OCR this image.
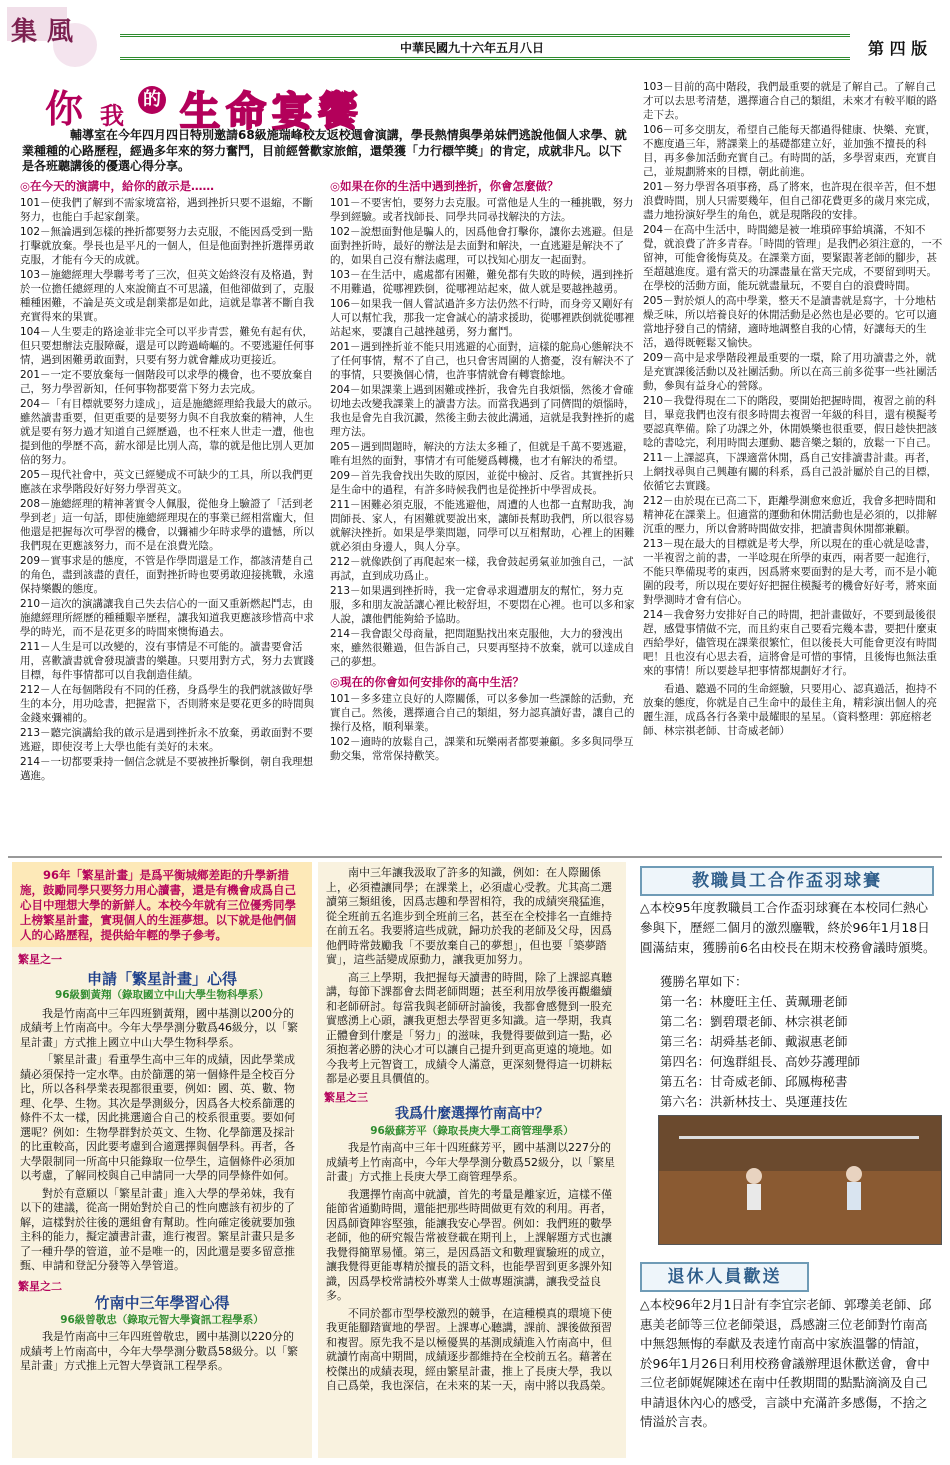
集風
中華民國九十六年五月八日	第 四 版
你 我
的 生命宴饗
輔導室在今年四月四日特別邀請68級施瑞峰校友返校週會演講，學長熱情與學弟妹們逃說他個人求學、就業種種的心路歷程，經過多年來的努力奮鬥，目前經營歡家旅館，還榮獲「力行標竿獎」的肯定，成就非凡。以下是各班聽講後的優選心得分享。
◎在今天的演講中，給你的啟示是……
101－使我們了解到不需家境富裕，遇到挫折只要不退縮，不斷努力，也能白手起家創業。
102－無論遇到怎樣的挫折都要努力去克服，不能因爲受到一點打擊就放棄。學長也是平凡的一個人，但是他面對挫折選擇勇敢克服，才能有今天的成就。
103－施總經理大學聯考考了三次，但英文始終沒有及格過，對於一位擔任總經理的人來說簡直不可思議，但他卻做到了，克服種種困難，不論是英文或是創業都是如此，這就是靠著不斷自我充實得來的果實。
104－人生要走的路途並非完全可以平步青雲，難免有起有伏，但只要想辦法克服障礙，還是可以跨過崎嶇的。不要逃避任何事情，遇到困難勇敢面對，只要有努力就會離成功更接近。
201－一定不要放棄每一個階段可以求學的機會，也不要放棄自己，努力學習新知，任何事物都要當下努力去完成。
204－「有目標就要努力達成」，這是施總經理給我最大的啟示。雖然讀書重要，但更重要的是要努力與不自我放棄的精神，人生就是要有努力過才知道自己經歷過，也不枉來人世走一遭，他也提到他的學歷不高，薪水卻是比別人高，靠的就是他比別人更加倍的努力。
205－現代社會中，英文已經變成不可缺少的工具，所以我們更應該在求學階段好好努力學習英文。
208－施總經理的精神著實令人佩服，從他身上驗證了「活到老學到老」這一句話，即使施總經理現在的事業已經相當龐大，但他還是把握每次可學習的機會，以彌補少年時求學的遺憾，所以我們現在更應該努力，而不是在浪費光陰。
209－實事求是的態度，不管是作學問還是工作，都該清楚自己的角色，盡到該盡的責任，面對挫折時也要勇敢迎接挑戰，永遠保持樂觀的態度。
210－這次的演講讓我自己失去信心的一面又重新燃起鬥志，由施總經理所經歷的種種艱辛歷程，讓我知道我更應該珍惜高中求學的時光，而不是花更多的時間來懊悔過去。
211－人生是可以改變的，沒有事情是不可能的。讀書要會活用，喜歡讀書就會發現讀書的樂趣。只要用對方式，努力去實踐目標，每件事情都可以自我創造佳績。
212－人在每個階段有不同的任務，身爲學生的我們就該做好學生的本分，用功唸書，把握當下，否則將來是要花更多的時間與金錢來彌補的。
213－聽完演講給我的啟示是遇到挫折永不放棄，勇敢面對不要逃避，即使沒考上大學也能有美好的未來。
214－一切都要秉持一個信念就是不要被挫折擊倒，朝自我理想邁進。
◎如果在你的生活中遇到挫折，你會怎麼做？
101－不要害怕，要努力去克服。可當他是人生的一種挑戰，努力學到經驗。或者找師長、同學共同尋找解決的方法。
102－說想面對他是騙人的，因爲他會打擊你，讓你去逃避。但是面對挫折時，最好的辦法是去面對和解決，一直逃避是解決不了的，如果自己沒有辦法處理，可以找知心朋友一起面對。
103－在生活中，處處都有困難，難免都有失敗的時候，遇到挫折不用難過，從哪裡跌倒，從哪裡站起來，做人就是要越挫越勇。
106－如果我一個人嘗試過許多方法仍然不行時，而身旁又剛好有人可以幫忙我，那我一定會誠心的請求援助，從哪裡跌倒就從哪裡站起來，要讓自己越挫越勇，努力奮鬥。
201－遇到挫折並不能只用逃避的心面對，這樣的鴕鳥心態解決不了任何事情，幫不了自己，也只會害周圍的人擔憂，沒有解決不了的事情，只要換個心情，也許事情就會有轉寰餘地。
204－如果課業上遇到困難或挫折，我會先自我煩惱，然後才會確切地去改變我課業上的讀書方法。而當我遇到了同儕間的煩惱時，我也是會先自我沉澱，然後主動去彼此溝通，這就是我對挫折的處理方法。
205－遇到問題時，解決的方法太多種了，但就是千萬不要逃避，唯有坦然的面對，事情才有可能變爲轉機，也才有解決的希望。
209－首先我會找出失敗的原因，並從中檢討、反省。其實挫折只是生命中的過程，有許多時候我們也是從挫折中學習成長。
211－困難必須克服，不能逃避他，周遭的人也都一直幫助我，詢問師長、家人，有困難就要說出來，讓師長幫助我們，所以很容易就解決挫折。如果是學業問題，同學可以互相幫助，心裡上的困難就必須由身邊人，與人分享。
212－就像跌倒了再爬起來一樣，我會鼓起勇氣並加強自己，一試再試，直到成功爲止。
213－如果遇到挫折時，我一定會尋求週遭朋友的幫忙，努力克服，多和朋友說話讓心裡比較舒坦，不要悶在心裡。也可以多和家人說，讓他們能夠給予協助。
214－我會跟父母商量，把問題點找出來克服他，大力的發洩出來，雖然很難過，但告訴自己，只要再堅持不放棄，就可以達成自己的夢想。
◎現在的你會如何安排你的高中生活？
101－多多建立良好的人際關係，可以多參加一些課餘的活動，充實自己。然後，選擇適合自己的類組，努力認真讀好書，讓自己的操行及格，順利畢業。
102－適時的放鬆自己，課業和玩樂兩者都要兼顧。多多與同學互動交集，常常保持歡笑。
103－目前的高中階段，我們最重要的就是了解自己。了解自己才可以去思考清楚，選擇適合自己的類組，未來才有較平順的路走下去。
106－可多交朋友，希望自己能每天都過得健康、快樂、充實，不應度過三年，將課業上的基礎都建立好，並加強不擅長的科目，再多參加活動充實自己。有時間的話，多學習東西，充實自己，並規劃將來的目標，朝此前進。
201－努力學習各項事務，爲了將來，也許現在很辛苦，但不想浪費時間，別人只需要幾年，但自己卻花費更多的歲月來完成，盡力地扮演好學生的角色，就是現階段的安排。
204－在高中生活中，時間總是被一堆瑣碎事給填滿，不知不覺，就浪費了許多青春。「時間的管理」是我們必須注意的，一不留神，可能會後悔莫及。在課業方面，要緊跟著老師的腳步，甚至超越進度。還有當天的功課盡量在當天完成，不要留到明天。在學校的活動方面，能玩就盡量玩，不要自白的浪費時間。
205－對於煩人的高中學業，整天不是讀書就是寫字，十分地枯燥乏味，所以培養良好的休閒活動是必然也是必要的。它可以適當地抒發自己的情緒，適時地調整自我的心情，好讓每天的生活，過得既輕鬆又愉快。
209－高中是求學階段裡最重要的一環，除了用功讀書之外，就是充實課後活動以及社團活動。所以在高三前多從事一些社團活動，參與有益身心的營隊。
210－我覺得現在二下的階段，要開始把握時間，複習之前的科目，畢竟我們也沒有很多時間去複習一年級的科目，還有模擬考要認真準備。除了功課之外，休閒娛樂也很重要，假日趁快把該唸的書唸完，利用時間去運動、聽音樂之類的，放鬆一下自己。
211－上課認真，下課適當休閒，爲自己安排讀書計畫。再者，上網找尋與自己興趣有關的科系，爲自己設計屬於自己的目標，依循它去實踐。
212－由於現在已高二下，距離學測愈來愈近，我會多把時間和精神花在課業上。但適當的運動和休閒活動也是必須的，以排解沉重的壓力，所以會將時間做安排，把讀書與休閒都兼顧。
213－現在最大的目標就是考大學，所以現在的重心就是唸書，一半複習之前的書，一半唸現在所學的東西，兩者要一起進行，不能只準備現考的東西，因爲將來要面對的是大考，而不是小範圍的段考，所以現在要好好把握住模擬考的機會好好考，將來面對學測時才會有信心。
214－我會努力安排好自己的時間，把計畫做好，不要到最後很趕，感覺事情做不完，而且約束自己要看完幾本書，要把什麼東西給學好，儘管現在課業很繁忙，但以後長大可能會更沒有時間吧！且也沒有心思去看，這將會是可惜的事情，且後悔也無法重來的事情！所以要趁早把事情都規劃好才行。
看過、聽過不同的生命經驗，只要用心、認真過活，抱持不放棄的態度，你就是自己生命中的最佳主角，精彩演出個人的亮麗生涯，成爲各行各業中最耀眼的星星。（資料整理：郭庭榕老師、林宗祺老師、甘奇威老師）
96年「繁星計畫」是爲平衡城鄉差距的升學新措施，鼓勵同學只要努力用心讀書，還是有機會成爲自己心目中理想大學的新鮮人。本校今年就有三位優秀同學上榜繁星計畫，實現個人的生涯夢想。以下就是他們個人的心路歷程，提供給年輕的學子參考。
繁星之一
申請「繁星計畫」心得
96級劉黃翔（錄取國立中山大學生物科學系）
我是竹南高中三年四班劉黃翔，國中基測以200分的成績考上竹南高中。今年大學學測分數爲46級分，以「繁星計畫」方式推上國立中山大學生物科學系。
「繁星計畫」看重學生高中三年的成績，因此學業成績必須保持一定水準。由於篩選的第一個條件是全校百分比，所以各科學業表現都很重要，例如：國、英、數、物理、化學、生物。其次是學測級分，因爲各大校系篩選的條件不太一樣，因此挑選適合自己的校系很重要。要如何選呢？例如：生物學群對於英文、生物、化學篩選及採計的比重較高，因此要考慮到合適選擇與個學科。再者，各大學限制同一所高中只能錄取一位學生，這個條件必須加以考慮，了解同校與自己申請同一大學的同學條件如何。
對於有意願以「繁星計畫」進入大學的學弟妹，我有以下的建議，從高一開始對於自己的性向應該有初步的了解，這樣對於往後的選組會有幫助。性向確定後就要加強主科的能力，擬定讀書計畫，進行複習。繁星計畫只是多了一種升學的管道，並不是唯一的，因此還是要多留意推甄、申請和登記分發等入學管道。
繁星之二
竹南中三年學習心得
96級曾敬忠（錄取元智大學資訊工程學系）
我是竹南高中三年四班曾敬忠，國中基測以220分的成績考上竹南高中，今年大學學測分數爲58級分。以「繁星計畫」方式推上元智大學資訊工程學系。
南中三年讓我汲取了許多的知識，例如：在人際關係上，必須禮讓同學；在課業上，必須虛心受教。尤其高二選讀第三類組後，因爲志趣和學習相符，我的成績突飛猛進，從全班前五名進步到全班前三名，甚至在全校排名一直維持在前五名。我要將這些成就，歸功於我的老師及父母，因爲他們時常鼓勵我「不要放棄自己的夢想」，但也要「築夢踏實」，這些話變成原動力，讓我更加努力。
高三上學期，我把握每天讀書的時間，除了上課認真聽講，每節下課都會去問老師問題；甚至利用放學後再觀繼續和老師研討。每當我與老師研討論後，我都會感覺到一股充實感湧上心頭，讓我更想去學習更多知識。這一學期，我真正體會到什麼是「努力」的滋味，我覺得要做到這一點，必須抱著必勝的決心才可以讓自己提升到更高更遠的境地。如今我考上元智資工，成績令人滿意，更深刻覺得這一切耕耘都是必要且具價值的。
繁星之三
我爲什麼選擇竹南高中？
96級蘇芳平（錄取長庚大學工商管理學系）
我是竹南高中三年十四班蘇芳平，國中基測以227分的成績考上竹南高中，今年大學學測分數爲52級分，以「繁星計畫」方式推上長庚大學工商管理學系。
我選擇竹南高中就讀，首先的考量是離家近，這樣不僅能節省通勤時間，還能把那些時間做更有效的利用。再者，因爲師資陣容堅強，能讓我安心學習。例如：我們班的數學老師，他的研究報告常被登載在期刊上，上課解題方式也讓我覺得簡單易懂。第三，是因爲語文和數理實驗班的成立，讓我覺得更能專精於擅長的語文科，也能學習到更多課外知識，因爲學校常請校外專業人士做專題演講，讓我受益良多。
不同於都市型學校激烈的競爭，在這種模真的環境下使我更能腳踏實地的學習。上課專心聽講，課前、課後做預習和複習。原先我不是以極優異的基測成績進入竹南高中，但就讀竹南高中期間，成績逐步都維持在全校前五名。藉著在校傑出的成績表現，經由繁星計畫，推上了長庚大學，我以自己爲榮，我也深信，在未來的某一天，南中將以我爲榮。
教職員工合作盃羽球賽
△本校95年度教職員工合作盃羽球賽在本校同仁熱心參與下，歷經二個月的激烈鏖戰，終於96年1月18日圓滿結束，獲勝前6名由校長在期末校務會議時頒獎。
獲勝名單如下：
第一名：林慶旺主任、黃珮珊老師
第二名：劉碧環老師、林宗祺老師
第三名：胡舜基老師、戴淑惠老師
第四名：何逸群組長、高妙芬護理師
第五名：甘奇威老師、邱鳳梅秘書
第六名：洪新林技士、吳運蓮技佐
退休人員歡送
△本校96年2月1日計有李宜宗老師、郭瓈美老師、邱惠美老師等三位老師榮退，爲感謝三位老師對竹南高中無怨無悔的奉獻及表達竹南高中家族溫馨的情誼，於96年1月26日利用校務會議辦理退休歡送會，會中三位老師娓娓陳述在南中任教期間的點點滴滴及自己申請退休內心的感受，言談中充滿許多感傷，不捨之情溢於言表。
